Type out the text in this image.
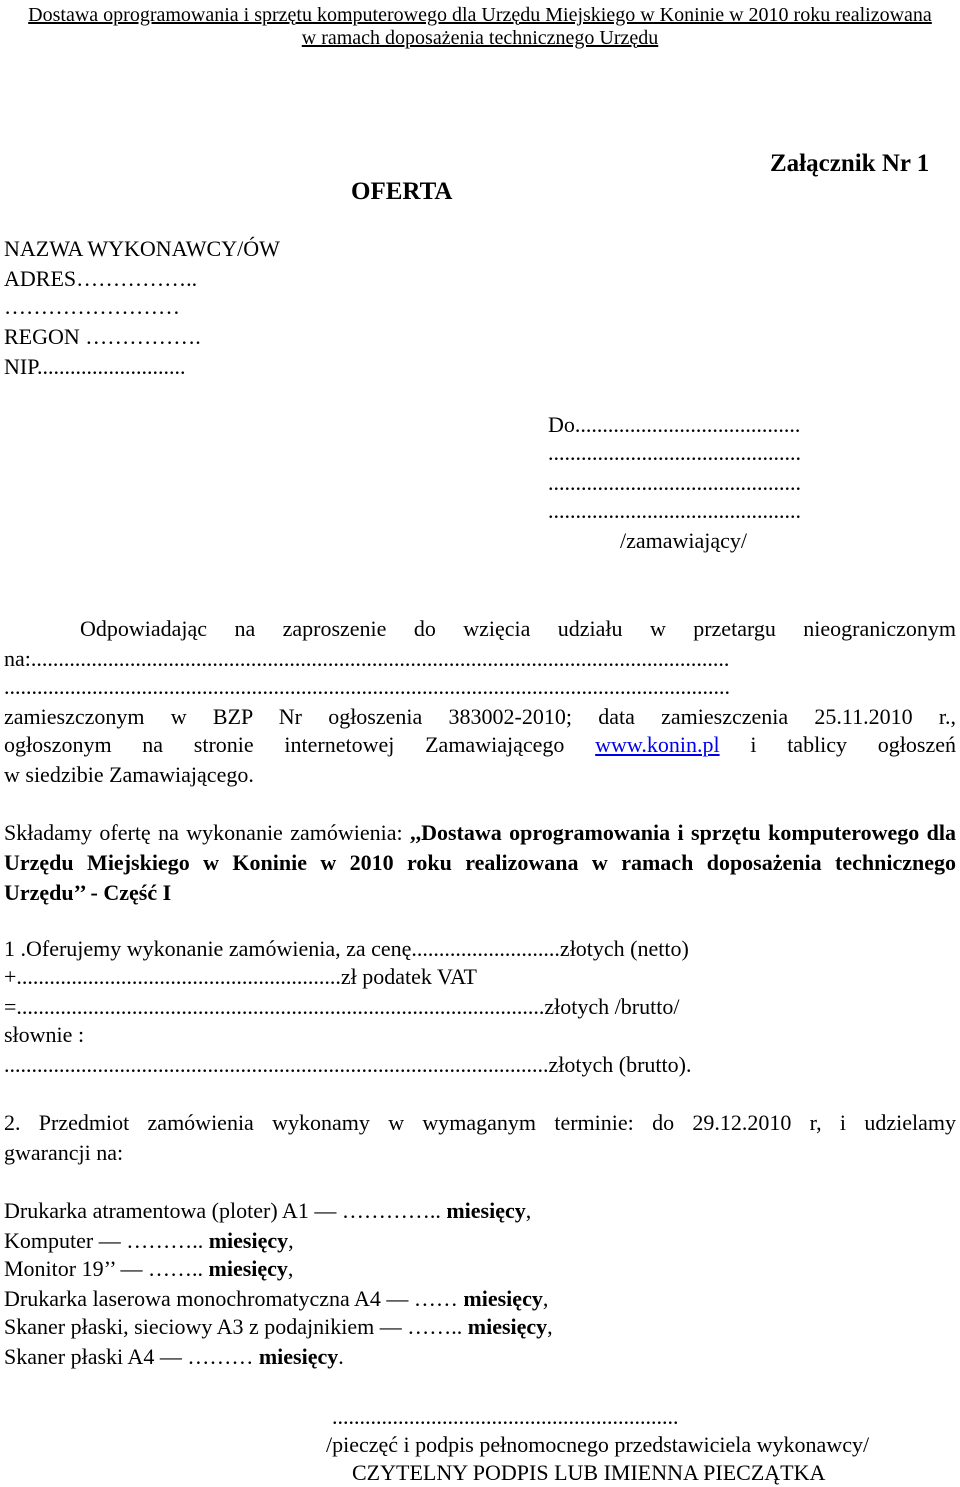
Dostawa oprogramowania i sprzętu komputerowego dla Urzędu Miejskiego w Koninie w 2010 roku realizowana
w ramach doposażenia technicznego Urzędu
Załącznik Nr 1
OFERTA
NAZWA WYKONAWCY/ÓW
ADRES……………..
……………………
REGON …………….
NIP...........................
Do.........................................
..............................................
..............................................
..............................................
/zamawiający/
Odpowiadając na zaproszenie do wzięcia udziału w przetargu nieograniczonym
na:...............................................................................................................................
....................................................................................................................................
zamieszczonym w BZP Nr ogłoszenia 383002-2010; data zamieszczenia 25.11.2010 r.,
ogłoszonym na stronie internetowej Zamawiającego www.konin.pl i tablicy ogłoszeń
w siedzibie Zamawiającego.
Składamy ofertę na wykonanie zamówienia: ,,Dostawa oprogramowania i sprzętu komputerowego dla Urzędu Miejskiego w Koninie w 2010 roku realizowana w ramach doposażenia technicznego Urzędu’’ - Część I
1 .Oferujemy wykonanie zamówienia, za cenę...........................złotych (netto)
+...........................................................zł podatek VAT
=................................................................................................złotych /brutto/
słownie :
...................................................................................................złotych (brutto).
2. Przedmiot zamówienia wykonamy w wymaganym terminie: do 29.12.2010 r, i udzielamy
gwarancji na:
Drukarka atramentowa (ploter) A1 ― ………….. miesięcy,
Komputer ― ……….. miesięcy,
Monitor 19’’ ― …….. miesięcy,
Drukarka laserowa monochromatyczna A4 ― …… miesięcy,
Skaner płaski, sieciowy A3 z podajnikiem ― …….. miesięcy,
Skaner płaski A4 ― ……… miesięcy.
...............................................................
/pieczęć i podpis pełnomocnego przedstawiciela wykonawcy/
CZYTELNY PODPIS LUB IMIENNA PIECZĄTKA
